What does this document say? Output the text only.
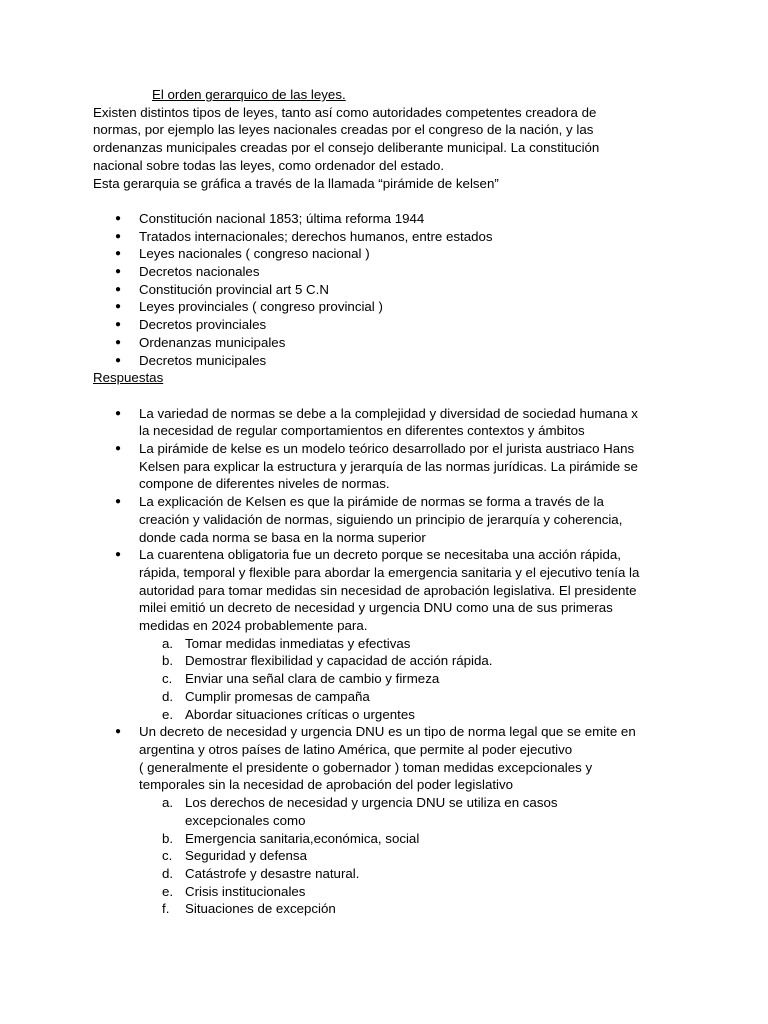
El orden gerarquico de las leyes.

Existen distintos tipos de leyes, tanto así como autoridades competentes creadora de

normas, por ejemplo las leyes nacionales creadas por el congreso de la nación, y las

ordenanzas municipales creadas por el consejo deliberante municipal. La constitución

nacional sobre todas las leyes, como ordenador del estado.

Esta gerarquia se gráfica a través de la llamada “pirámide de kelsen”

● Constitución nacional 1853; última reforma 1944
● Tratados internacionales; derechos humanos, entre estados
● Leyes nacionales ( congreso nacional )
● Decretos nacionales
● Constitución provincial art 5 C.N
● Leyes provinciales ( congreso provincial )
● Decretos provinciales
● Ordenanzas municipales
● Decretos municipales

Respuestas

● La variedad de normas se debe a la complejidad y diversidad de sociedad humana x
la necesidad de regular comportamientos en diferentes contextos y ámbitos
● La pirámide de kelse es un modelo teórico desarrollado por el jurista austriaco Hans
Kelsen para explicar la estructura y jerarquía de las normas jurídicas. La pirámide se
compone de diferentes niveles de normas.
● La explicación de Kelsen es que la pirámide de normas se forma a través de la
creación y validación de normas, siguiendo un principio de jerarquía y coherencia,
donde cada norma se basa en la norma superior
● La cuarentena obligatoria fue un decreto porque se necesitaba una acción rápida,
rápida, temporal y flexible para abordar la emergencia sanitaria y el ejecutivo tenía la
autoridad para tomar medidas sin necesidad de aprobación legislativa. El presidente
milei emitió un decreto de necesidad y urgencia DNU como una de sus primeras
medidas en 2024 probablemente para.
a. Tomar medidas inmediatas y efectivas
b. Demostrar flexibilidad y capacidad de acción rápida.
c. Enviar una señal clara de cambio y firmeza
d. Cumplir promesas de campaña
e. Abordar situaciones críticas o urgentes
● Un decreto de necesidad y urgencia DNU es un tipo de norma legal que se emite en
argentina y otros países de latino América, que permite al poder ejecutivo
( generalmente el presidente o gobernador ) toman medidas excepcionales y
temporales sin la necesidad de aprobación del poder legislativo
a. Los derechos de necesidad y urgencia DNU se utiliza en casos
excepcionales como
b. Emergencia sanitaria,económica, social
c. Seguridad y defensa
d. Catástrofe y desastre natural.
e. Crisis institucionales
f. Situaciones de excepción
